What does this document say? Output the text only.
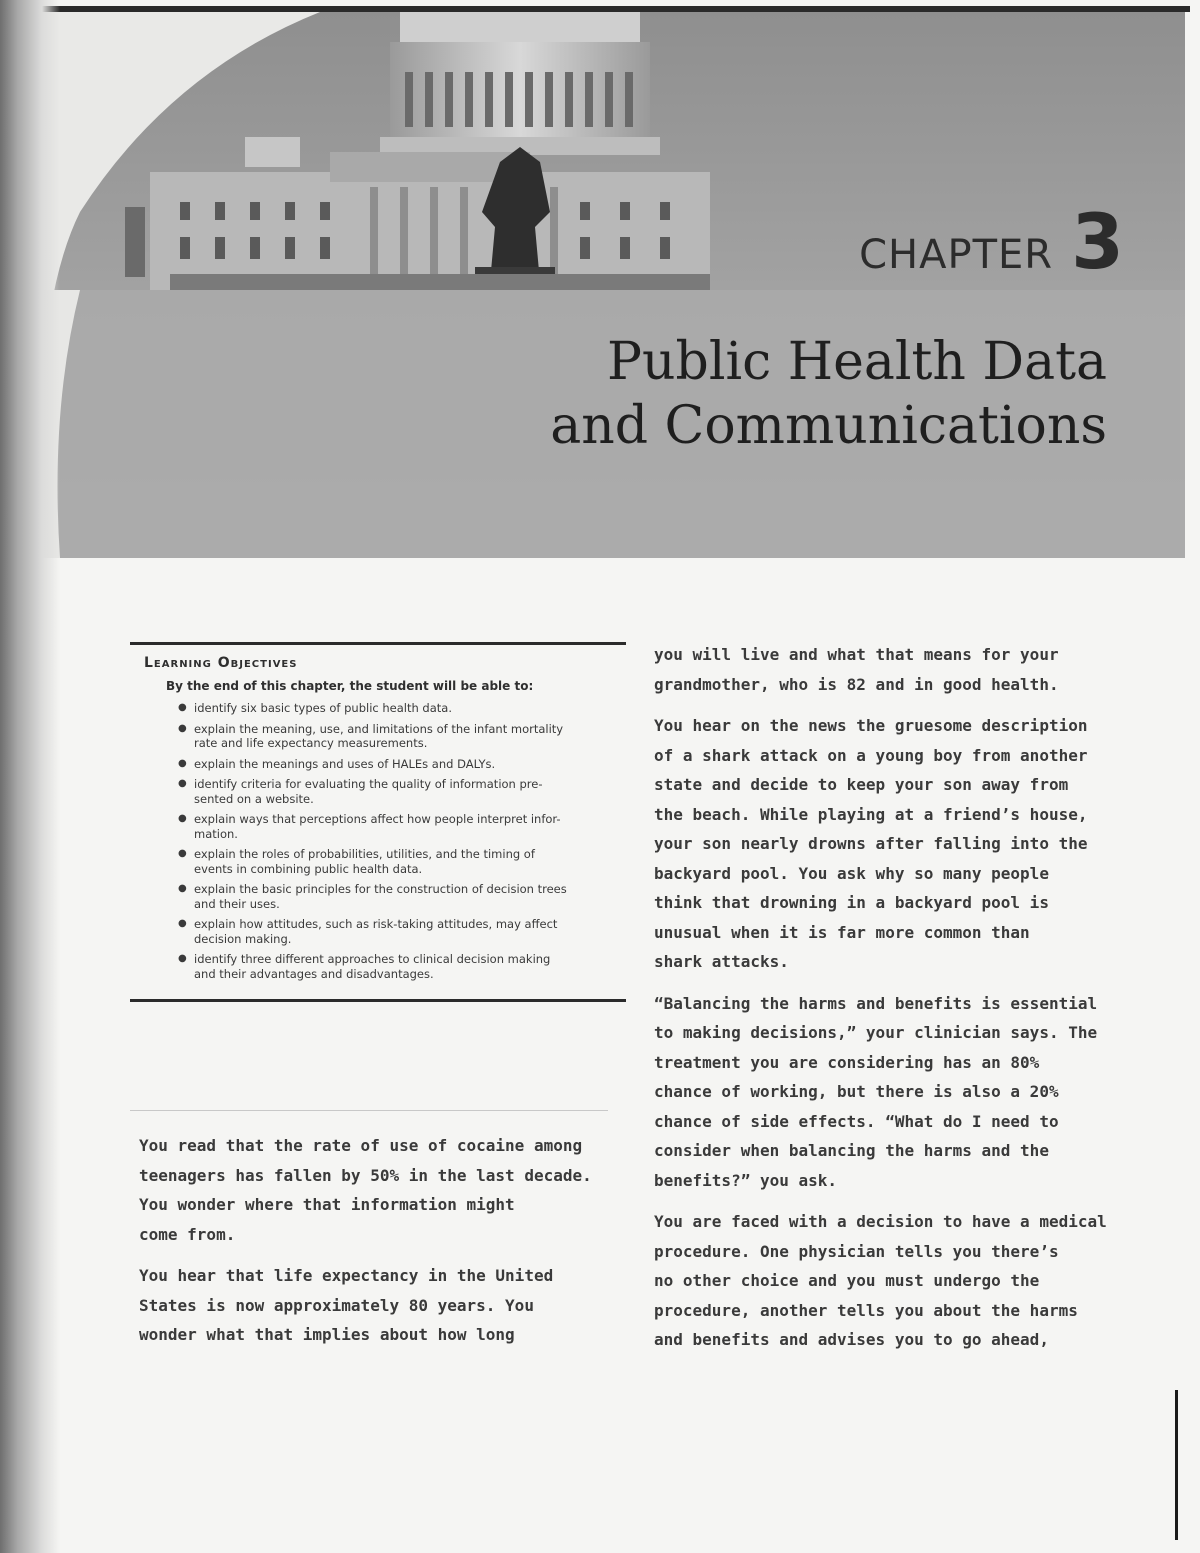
CHAPTER 3
Public Health Data
and Communications
Learning Objectives
By the end of this chapter, the student will be able to:
● identify six basic types of public health data.
● explain the meaning, use, and limitations of the infant mortality
rate and life expectancy measurements.
● explain the meanings and uses of HALEs and DALYs.
● identify criteria for evaluating the quality of information pre-
sented on a website.
● explain ways that perceptions affect how people interpret infor-
mation.
● explain the roles of probabilities, utilities, and the timing of
events in combining public health data.
● explain the basic principles for the construction of decision trees
and their uses.
● explain how attitudes, such as risk-taking attitudes, may affect
decision making.
● identify three different approaches to clinical decision making
and their advantages and disadvantages.

You read that the rate of use of cocaine among
teenagers has fallen by 50% in the last decade.
You wonder where that information might
come from.

You hear that life expectancy in the United
States is now approximately 80 years. You
wonder what that implies about how long

you will live and what that means for your
grandmother, who is 82 and in good health.

You hear on the news the gruesome description
of a shark attack on a young boy from another
state and decide to keep your son away from
the beach. While playing at a friend’s house,
your son nearly drowns after falling into the
backyard pool. You ask why so many people
think that drowning in a backyard pool is
unusual when it is far more common than
shark attacks.

“Balancing the harms and benefits is essential
to making decisions,” your clinician says. The
treatment you are considering has an 80%
chance of working, but there is also a 20%
chance of side effects. “What do I need to
consider when balancing the harms and the
benefits?” you ask.

You are faced with a decision to have a medical
procedure. One physician tells you there’s
no other choice and you must undergo the
procedure, another tells you about the harms
and benefits and advises you to go ahead,
